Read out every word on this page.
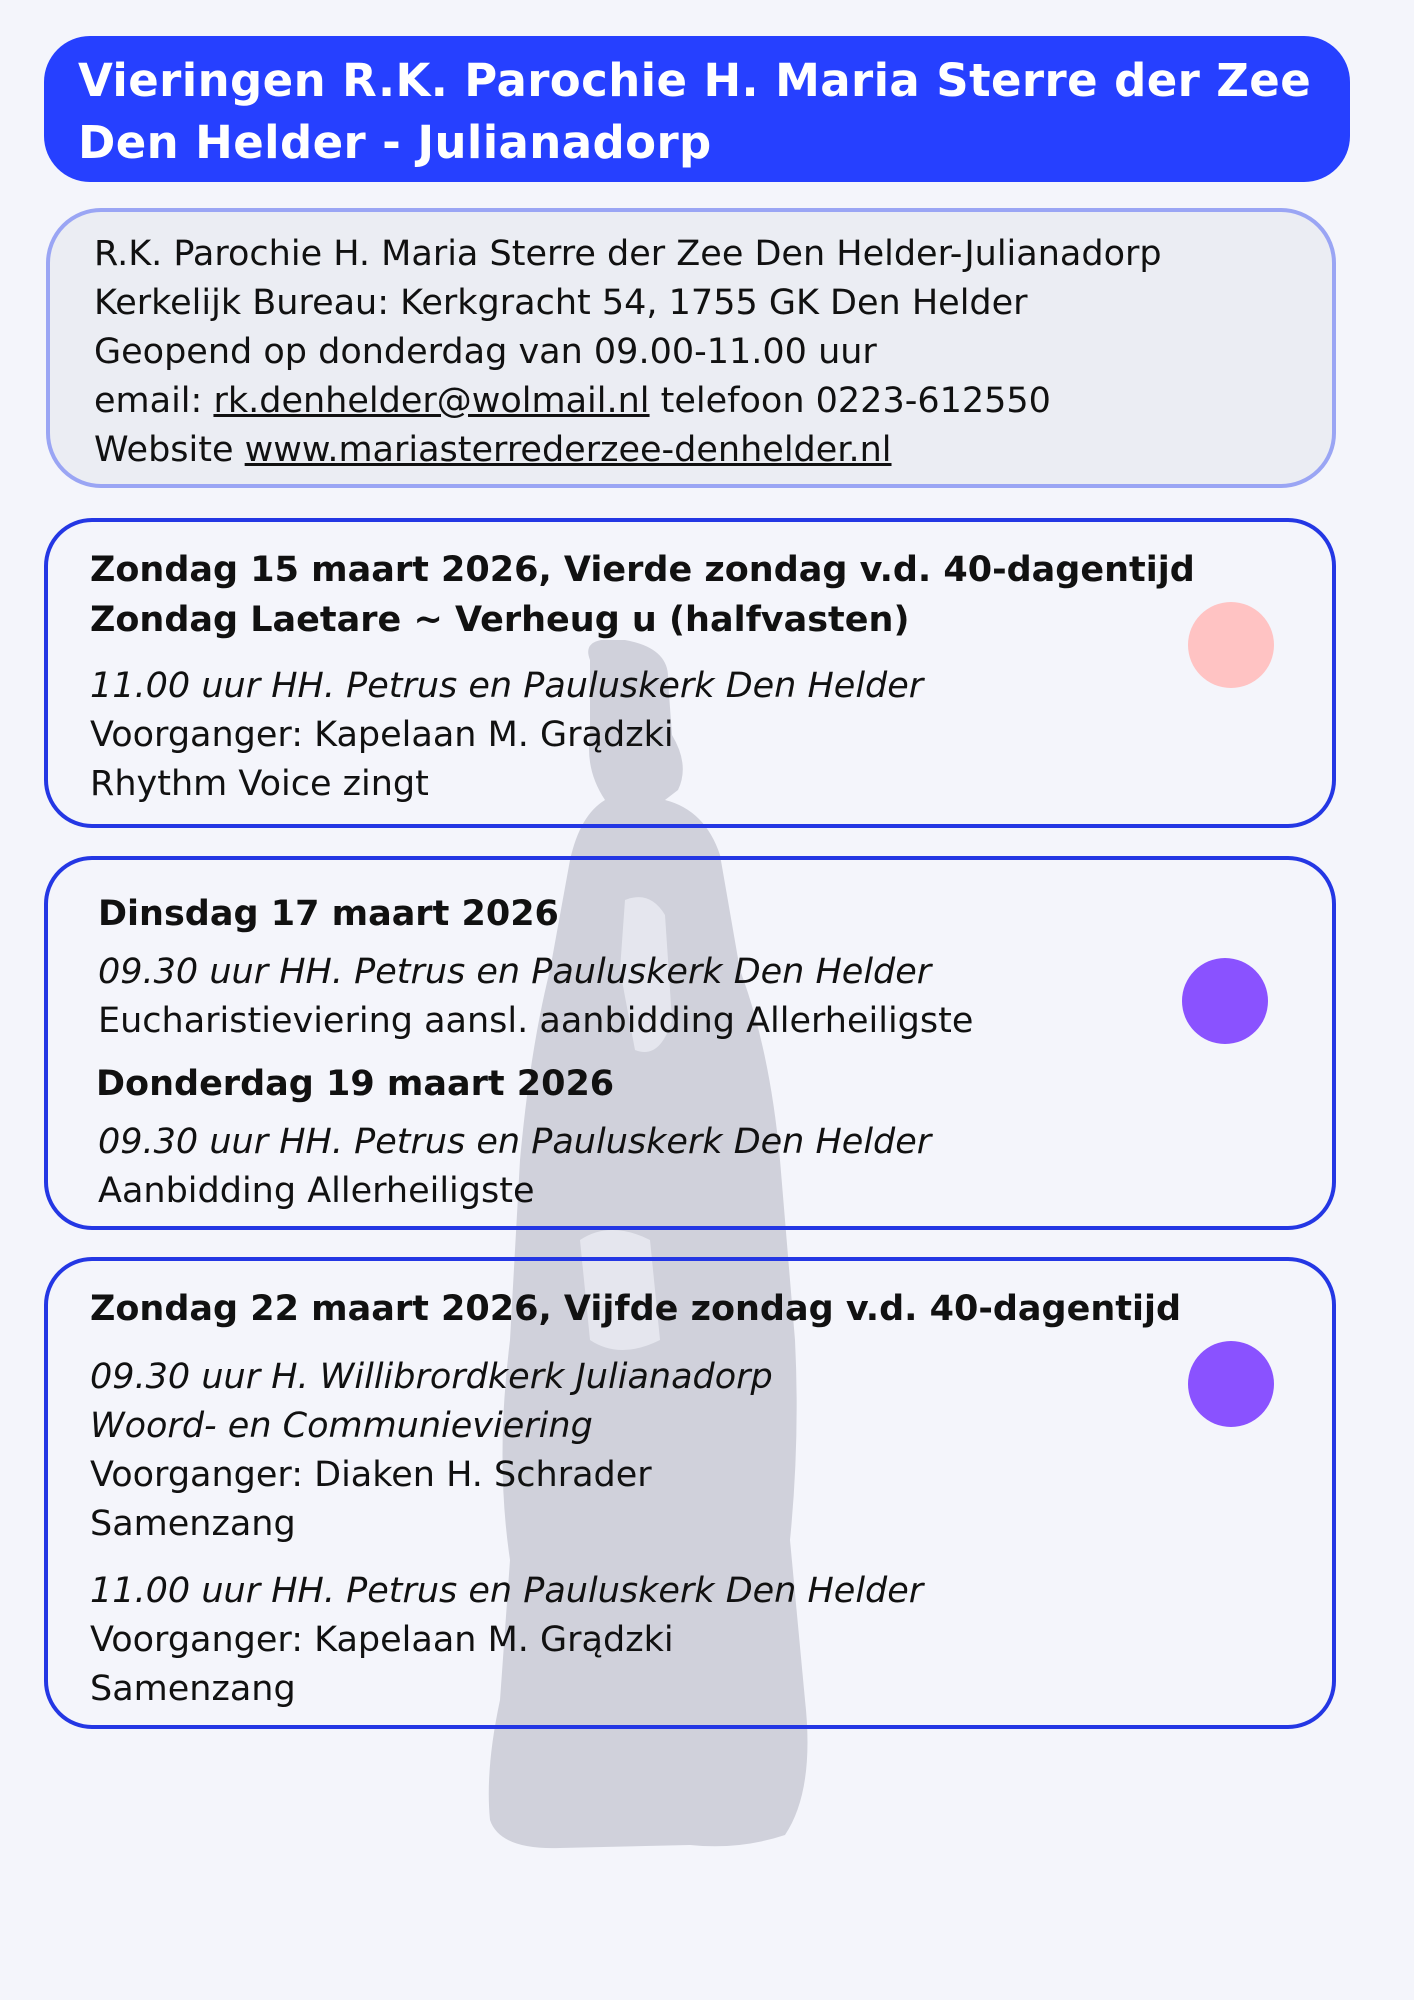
Vieringen R.K. Parochie H. Maria Sterre der Zee
Den Helder - Julianadorp
R.K. Parochie H. Maria Sterre der Zee Den Helder-Julianadorp
Kerkelijk Bureau: Kerkgracht 54, 1755 GK Den Helder
Geopend op donderdag van 09.00-11.00 uur
email: rk.denhelder@wolmail.nl telefoon 0223-612550
Website www.mariasterrederzee-denhelder.nl
Zondag 15 maart 2026, Vierde zondag v.d. 40-dagentijd
Zondag Laetare ~ Verheug u (halfvasten)
11.00 uur HH. Petrus en Pauluskerk Den Helder
Voorganger: Kapelaan M. Grądzki
Rhythm Voice zingt
Dinsdag 17 maart 2026
09.30 uur HH. Petrus en Pauluskerk Den Helder
Eucharistieviering aansl. aanbidding Allerheiligste
Donderdag 19 maart 2026
09.30 uur HH. Petrus en Pauluskerk Den Helder
Aanbidding Allerheiligste
Zondag 22 maart 2026, Vijfde zondag v.d. 40-dagentijd
09.30 uur H. Willibrordkerk Julianadorp
Woord- en Communieviering
Voorganger: Diaken H. Schrader
Samenzang
11.00 uur HH. Petrus en Pauluskerk Den Helder
Voorganger: Kapelaan M. Grądzki
Samenzang
